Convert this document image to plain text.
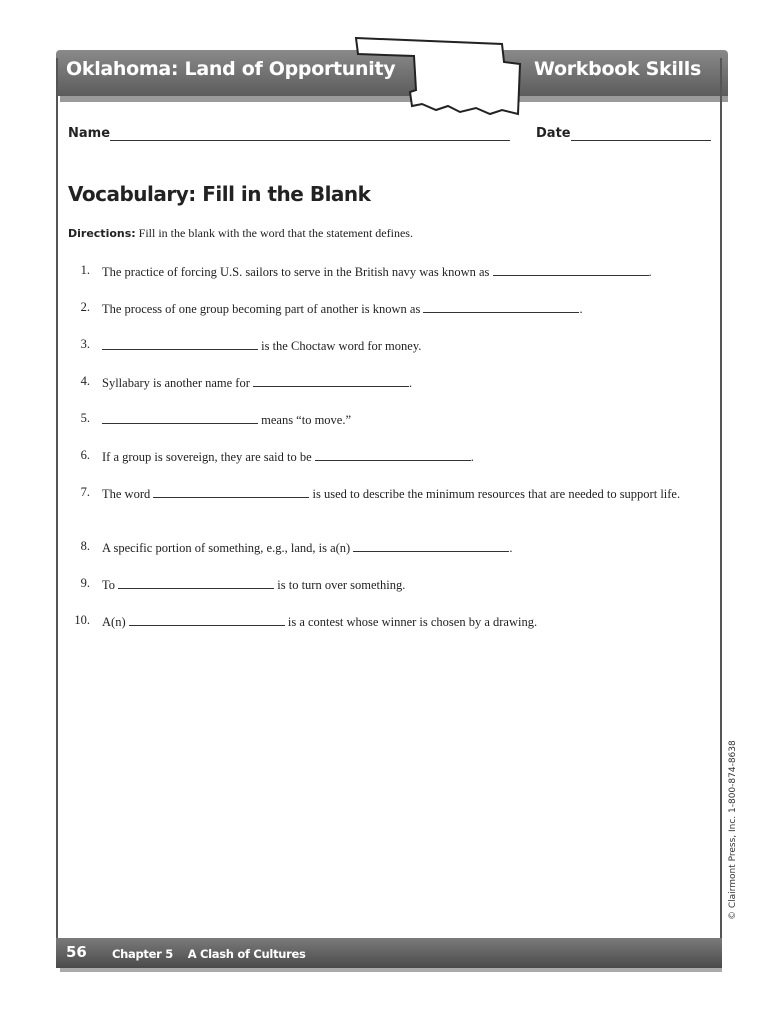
Oklahoma: Land of Opportunity	Workbook Skills
Name	Date
Vocabulary: Fill in the Blank
Directions: Fill in the blank with the word that the statement defines.
1. The practice of forcing U.S. sailors to serve in the British navy was known as	.
2. The process of one group becoming part of another is known as	.
3.	is the Choctaw word for money.
4. Syllabary is another name for	.
5.	means “to move.”
6. If a group is sovereign, they are said to be	.
7. The word	is used to describe the minimum resources that are needed to support life.
8. A specific portion of something, e.g., land, is a(n)	.
9. To	is to turn over something.
10. A(n)	is a contest whose winner is chosen by a drawing.
© Clairmont Press, Inc. 1-800-874-8638
56 Chapter 5    A Clash of Cultures
